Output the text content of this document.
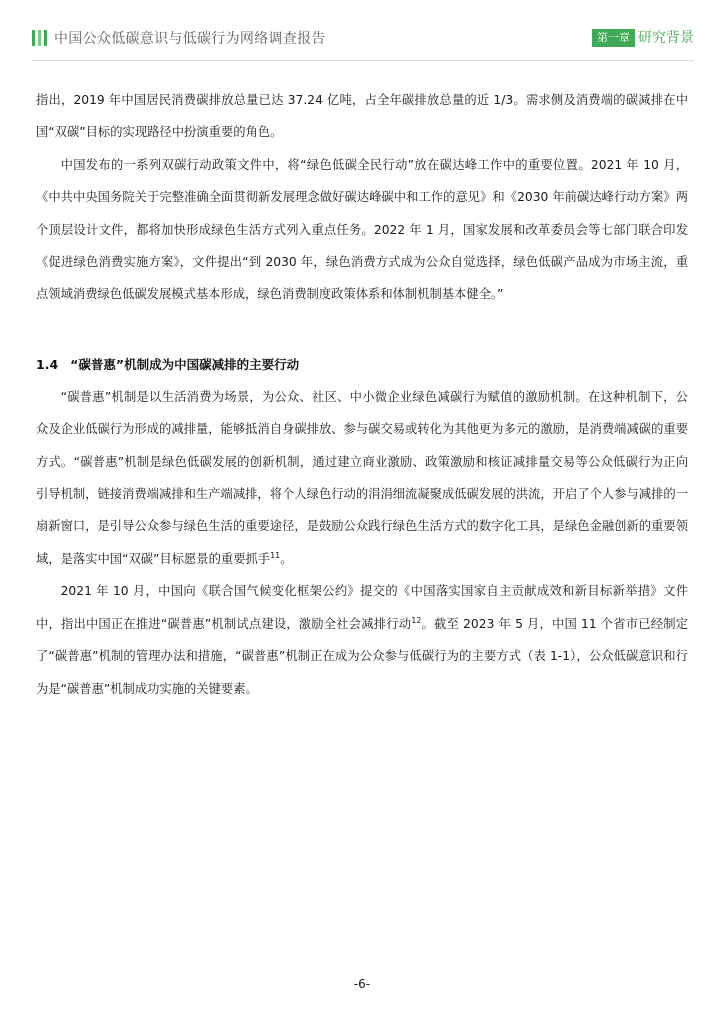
中国公众低碳意识与低碳行为网络调查报告	第一章 研究背景

指出，2019 年中国居民消费碳排放总量已达 37.24 亿吨，占全年碳排放总量的近 1/3。需求侧及消费端的碳减排在中国“双碳”目标的实现路径中扮演重要的角色。

中国发布的一系列双碳行动政策文件中，将“绿色低碳全民行动”放在碳达峰工作中的重要位置。2021 年 10 月，《中共中央国务院关于完整准确全面贯彻新发展理念做好碳达峰碳中和工作的意见》和《2030 年前碳达峰行动方案》两个顶层设计文件，都将加快形成绿色生活方式列入重点任务。2022 年 1 月，国家发展和改革委员会等七部门联合印发《促进绿色消费实施方案》，文件提出“到 2030 年，绿色消费方式成为公众自觉选择，绿色低碳产品成为市场主流，重点领域消费绿色低碳发展模式基本形成，绿色消费制度政策体系和体制机制基本健全。”

1.4 “碳普惠”机制成为中国碳减排的主要行动

“碳普惠”机制是以生活消费为场景，为公众、社区、中小微企业绿色减碳行为赋值的激励机制。在这种机制下，公众及企业低碳行为形成的减排量，能够抵消自身碳排放、参与碳交易或转化为其他更为多元的激励，是消费端减碳的重要方式。“碳普惠”机制是绿色低碳发展的创新机制，通过建立商业激励、政策激励和核证减排量交易等公众低碳行为正向引导机制，链接消费端减排和生产端减排，将个人绿色行动的涓涓细流凝聚成低碳发展的洪流，开启了个人参与减排的一扇新窗口，是引导公众参与绿色生活的重要途径，是鼓励公众践行绿色生活方式的数字化工具，是绿色金融创新的重要领域，是落实中国“双碳”目标愿景的重要抓手$^{11}$。

2021 年 10 月，中国向《联合国气候变化框架公约》提交的《中国落实国家自主贡献成效和新目标新举措》文件中，指出中国正在推进“碳普惠”机制试点建设，激励全社会减排行动$^{12}$。截至 2023 年 5 月，中国 11 个省市已经制定了“碳普惠”机制的管理办法和措施，“碳普惠”机制正在成为公众参与低碳行为的主要方式（表 1-1），公众低碳意识和行为是“碳普惠”机制成功实施的关键要素。

-6-
